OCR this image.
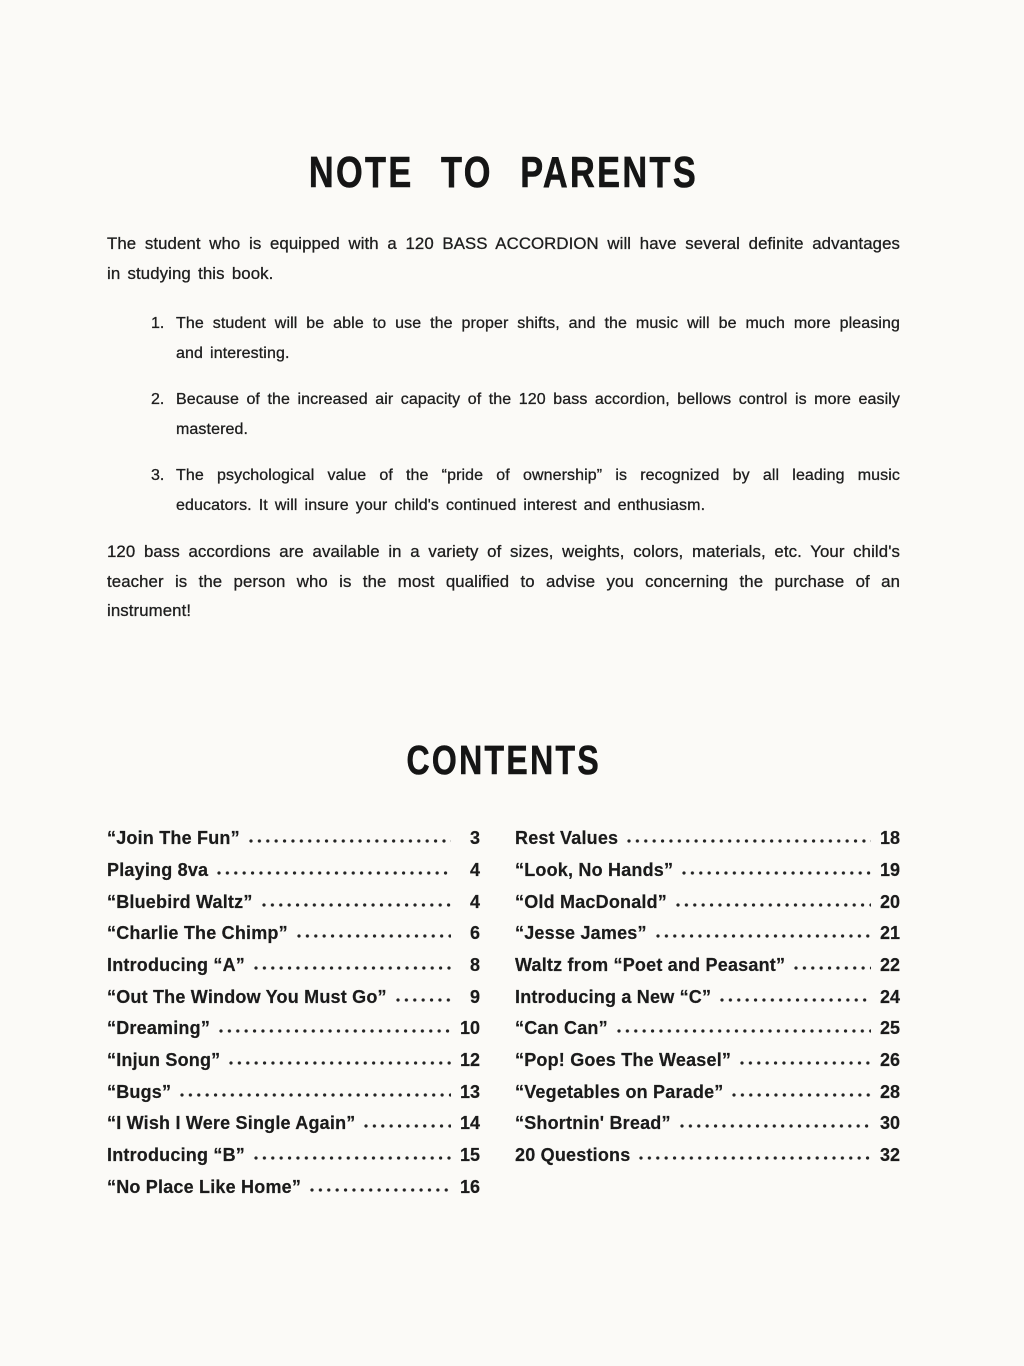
NOTE TO PARENTS

The student who is equipped with a 120 BASS ACCORDION will have several definite advantages in studying this book.

1. The student will be able to use the proper shifts, and the music will be much more pleasing and interesting.
2. Because of the increased air capacity of the 120 bass accordion, bellows control is more easily mastered.
3. The psychological value of the “pride of ownership” is recognized by all leading music educators. It will insure your child's continued interest and enthusiasm.

120 bass accordions are available in a variety of sizes, weights, colors, materials, etc. Your child's teacher is the person who is the most qualified to advise you concerning the purchase of an instrument!

CONTENTS
“Join The Fun”	3
Playing 8va	4
“Bluebird Waltz”	4
“Charlie The Chimp”	6
Introducing “A”	8
“Out The Window You Must Go”	9
“Dreaming”	10
“Injun Song”	12
“Bugs”	13
“I Wish I Were Single Again”	14
Introducing “B”	15
“No Place Like Home”	16
Rest Values	18
“Look, No Hands”	19
“Old MacDonald”	20
“Jesse James”	21
Waltz from “Poet and Peasant”	22
Introducing a New “C”	24
“Can Can”	25
“Pop! Goes The Weasel”	26
“Vegetables on Parade”	28
“Shortnin' Bread”	30
20 Questions	32
